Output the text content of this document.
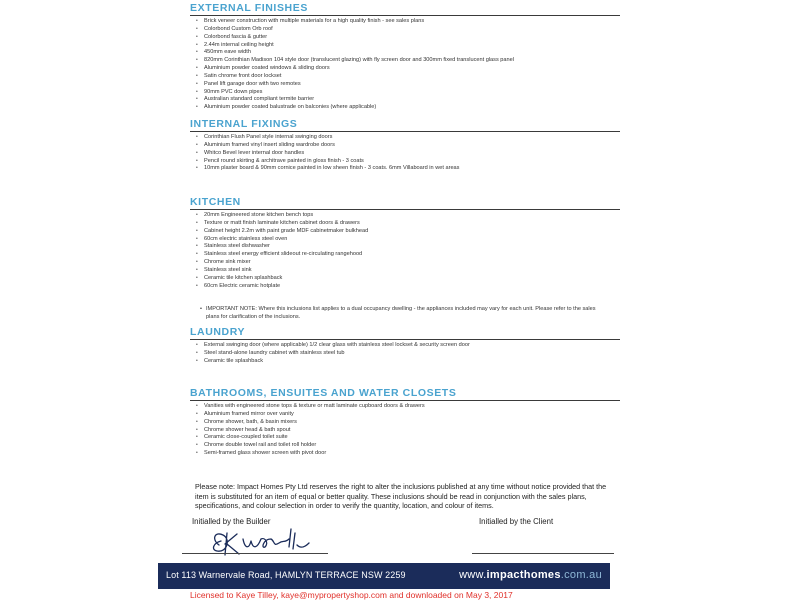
EXTERNAL FINISHES
• Brick veneer construction with multiple materials for a high quality finish - see sales plans
• Colorbond Custom Orb roof
• Colorbond fascia & gutter
• 2.44m internal ceiling height
• 450mm eave width
• 820mm Corinthian Madison 104 style door (translucent glazing) with fly screen door and 300mm fixed translucent glass panel
• Aluminium powder coated windows & sliding doors
• Satin chrome front door lockset
• Panel lift garage door with two remotes
• 90mm PVC down pipes
• Australian standard compliant termite barrier
• Aluminium powder coated balustrade on balconies (where applicable)
INTERNAL FIXINGS
• Corinthian Flush Panel style internal swinging doors
• Aluminium framed vinyl insert sliding wardrobe doors
• Whitco Bevel lever internal door handles
• Pencil round skirting & architrave painted in gloss finish - 3 coats
• 10mm plaster board & 90mm cornice painted in low sheen finish - 3 coats. 6mm Villaboard in wet areas
KITCHEN
• 20mm Engineered stone kitchen bench tops
• Texture or matt finish laminate kitchen cabinet doors & drawers
• Cabinet height 2.2m with paint grade MDF cabinetmaker bulkhead
• 60cm electric stainless steel oven
• Stainless steel dishwasher
• Stainless steel energy efficient slideout re-circulating rangehood
• Chrome sink mixer
• Stainless steel sink
• Ceramic tile kitchen splashback
• 60cm Electric ceramic hotplate
• IMPORTANT NOTE: Where this inclusions list applies to a dual occupancy dwelling - the appliances included may vary for each unit. Please refer to the sales plans for clarification of the inclusions.
LAUNDRY
• External swinging door (where applicable) 1/2 clear glass with stainless steel lockset & security screen door
• Steel stand-alone laundry cabinet with stainless steel tub
• Ceramic tile splashback
BATHROOMS, ENSUITES AND WATER CLOSETS
• Vanities with engineered stone tops & texture or matt laminate cupboard doors & drawers
• Aluminium framed mirror over vanity
• Chrome shower, bath, & basin mixers
• Chrome shower head & bath spout
• Ceramic close-coupled toilet suite
• Chrome double towel rail and toilet roll holder
• Semi-framed glass shower screen with pivot door
Please note: Impact Homes Pty Ltd reserves the right to alter the inclusions published at any time without notice provided that the item is substituted for an item of equal or better quality. These inclusions should be read in conjunction with the sales plans, specifications, and colour selection in order to verify the quantity, location, and colour of items.
Initialled by the Builder	Initialled by the Client
Lot 113 Warnervale Road, HAMLYN TERRACE NSW 2259	www.impacthomes.com.au
Licensed to Kaye Tilley, kaye@mypropertyshop.com and downloaded on May 3, 2017
